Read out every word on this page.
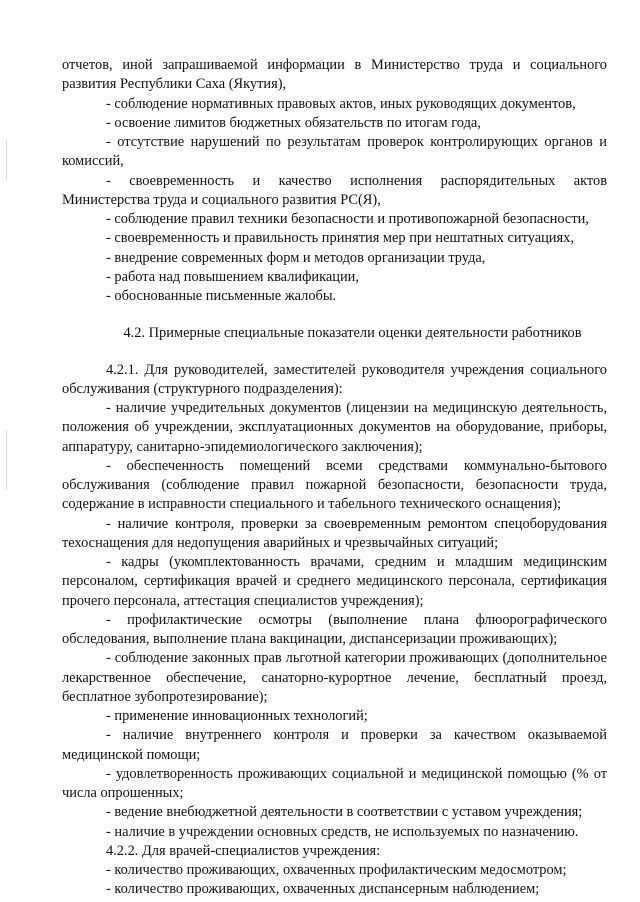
отчетов, иной запрашиваемой информации в Министерство труда и социального развития Республики Саха (Якутия),

- соблюдение нормативных правовых актов, иных руководящих документов,

- освоение лимитов бюджетных обязательств по итогам года,

- отсутствие нарушений по результатам проверок контролирующих органов и комиссий,

- своевременность и качество исполнения распорядительных актов Министерства труда и социального развития РС(Я),

- соблюдение правил техники безопасности и противопожарной безопасности,

- своевременность и правильность принятия мер при нештатных ситуациях,

- внедрение современных форм и методов организации труда,

- работа над повышением квалификации,

- обоснованные письменные жалобы.

4.2. Примерные специальные показатели оценки деятельности работников

4.2.1. Для руководителей, заместителей руководителя учреждения социального обслуживания (структурного подразделения):

- наличие учредительных документов (лицензии на медицинскую деятельность, положения об учреждении, эксплуатационных документов на оборудование, приборы, аппаратуру, санитарно-эпидемиологического заключения);

- обеспеченность помещений всеми средствами коммунально-бытового обслуживания (соблюдение правил пожарной безопасности, безопасности труда, содержание в исправности специального и табельного технического оснащения);

- наличие контроля, проверки за своевременным ремонтом спецоборудования техоснащения для недопущения аварийных и чрезвычайных ситуаций;

- кадры (укомплектованность врачами, средним и младшим медицинским персоналом, сертификация врачей и среднего медицинского персонала, сертификация прочего персонала, аттестация специалистов учреждения);

- профилактические осмотры (выполнение плана флюорографического обследования, выполнение плана вакцинации, диспансеризации проживающих);

- соблюдение законных прав льготной категории проживающих (дополнительное лекарственное обеспечение, санаторно-курортное лечение, бесплатный проезд, бесплатное зубопротезирование);

- применение инновационных технологий;

- наличие внутреннего контроля и проверки за качеством оказываемой медицинской помощи;

- удовлетворенность проживающих социальной и медицинской помощью (% от числа опрошенных;

- ведение внебюджетной деятельности в соответствии с уставом учреждения;

- наличие в учреждении основных средств, не используемых по назначению.

4.2.2. Для врачей-специалистов учреждения:

- количество проживающих, охваченных профилактическим медосмотром;

- количество проживающих, охваченных диспансерным наблюдением;
